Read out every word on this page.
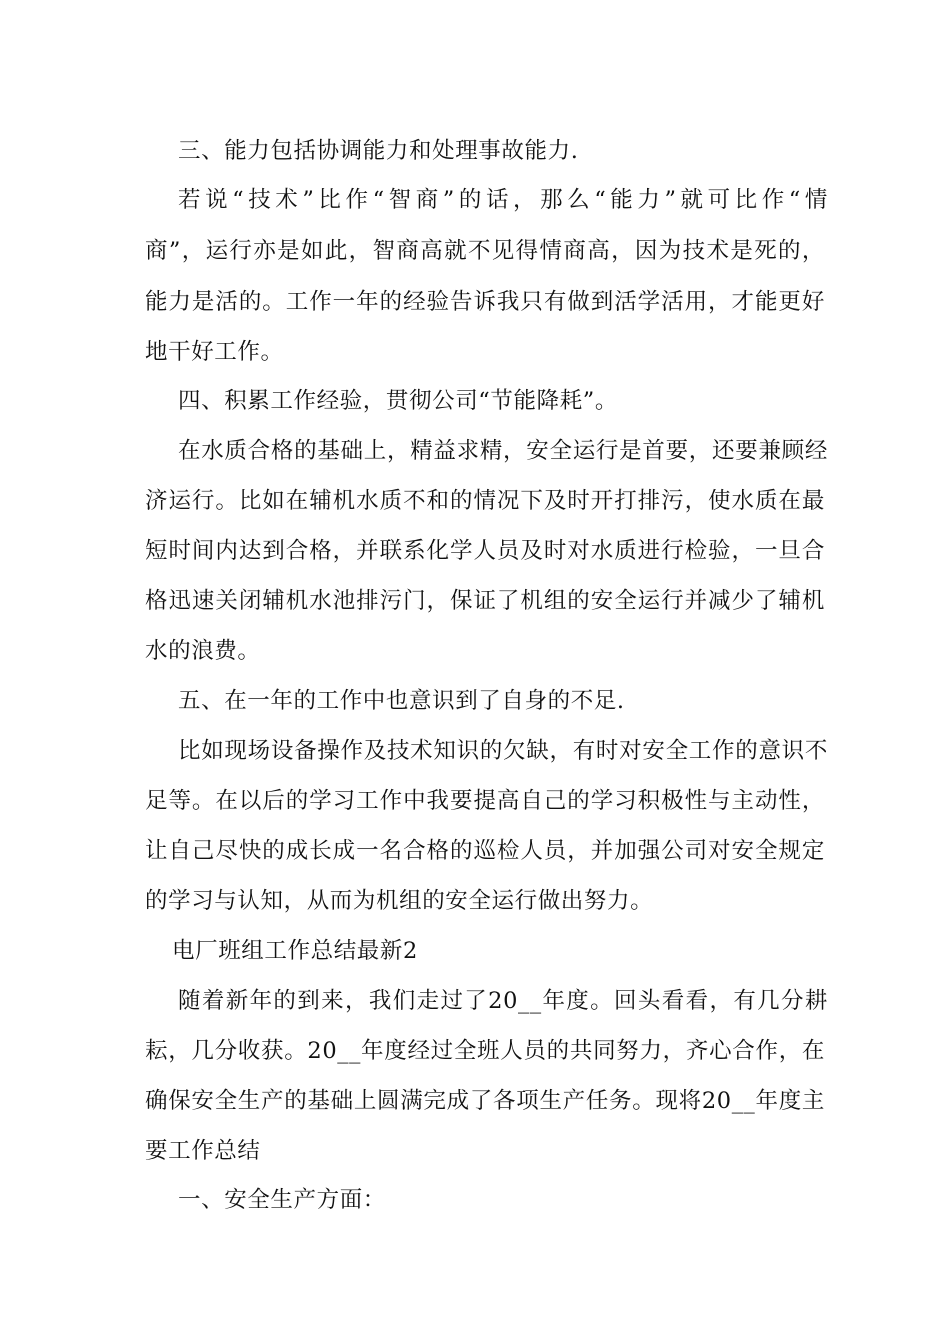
三、能力包括协调能力和处理事故能力.
若说“技术”比作“智商”的话，那么“能力”就可比作“情
商”，运行亦是如此，智商高就不见得情商高，因为技术是死的，
能力是活的。工作一年的经验告诉我只有做到活学活用，才能更好
地干好工作。
四、积累工作经验，贯彻公司“节能降耗”。
在水质合格的基础上，精益求精，安全运行是首要，还要兼顾经
济运行。比如在辅机水质不和的情况下及时开打排污，使水质在最
短时间内达到合格，并联系化学人员及时对水质进行检验，一旦合
格迅速关闭辅机水池排污门，保证了机组的安全运行并减少了辅机
水的浪费。
五、在一年的工作中也意识到了自身的不足.
比如现场设备操作及技术知识的欠缺，有时对安全工作的意识不
足等。在以后的学习工作中我要提高自己的学习积极性与主动性，
让自己尽快的成长成一名合格的巡检人员，并加强公司对安全规定
的学习与认知，从而为机组的安全运行做出努力。
电厂班组工作总结最新2
随着新年的到来，我们走过了20__年度。回头看看，有几分耕
耘，几分收获。20__年度经过全班人员的共同努力，齐心合作，在
确保安全生产的基础上圆满完成了各项生产任务。现将20__年度主
要工作总结
一、安全生产方面：
